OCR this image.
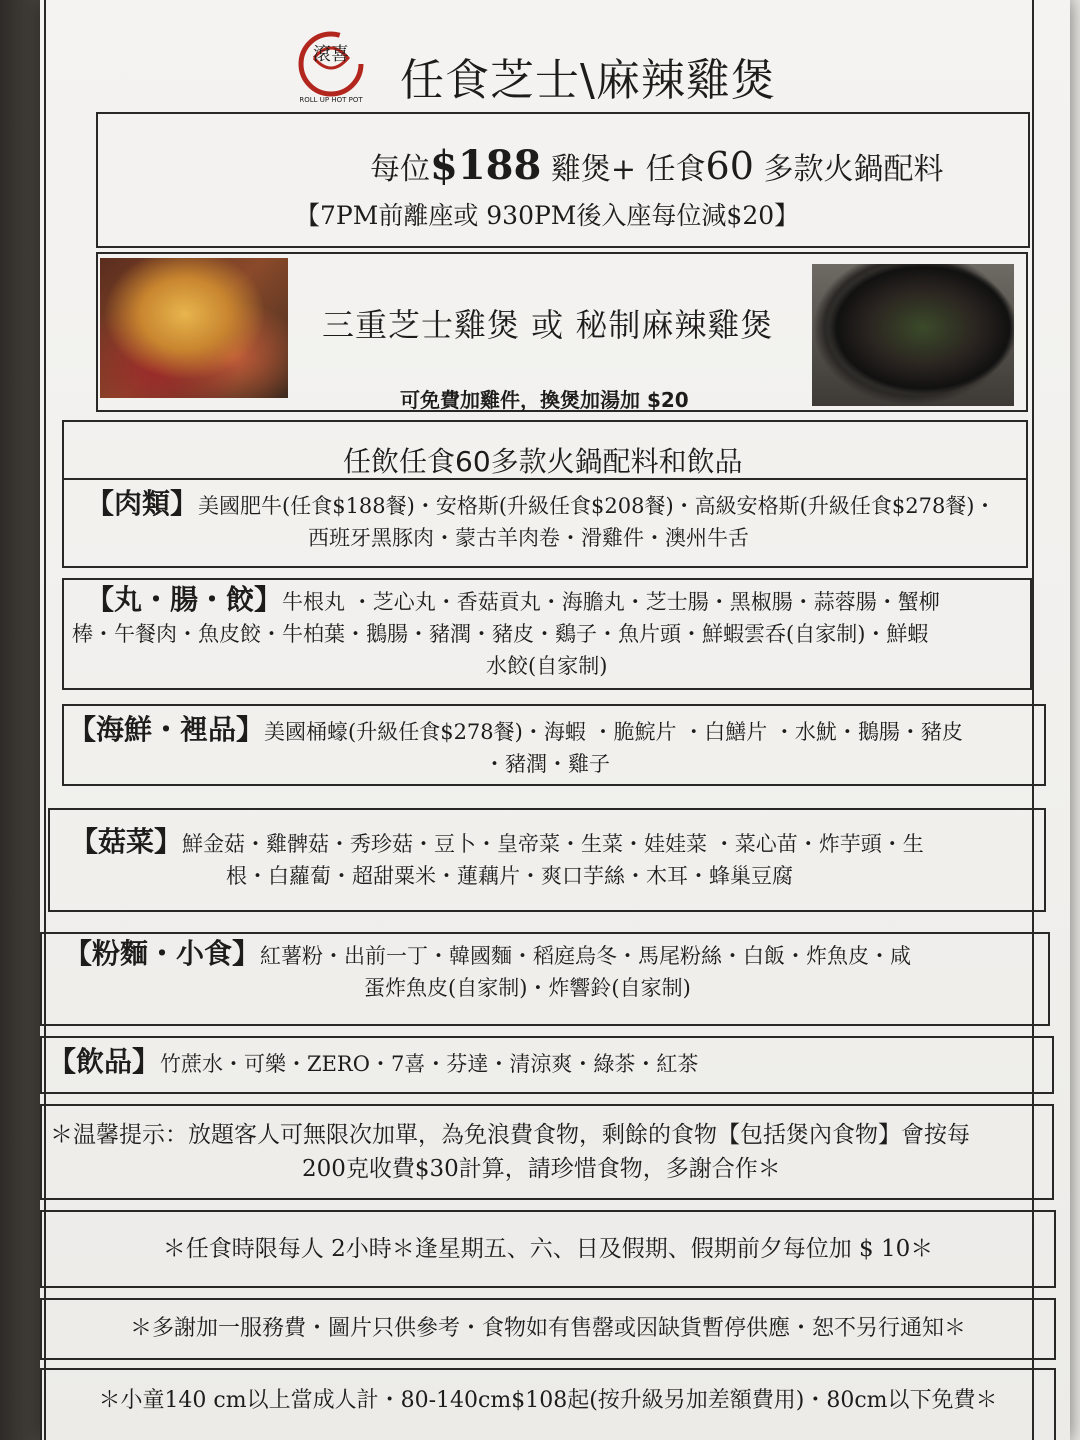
滾喜
ROLL UP HOT POT 任食芝士\麻辣雞煲
每位$188 雞煲+ 任食60 多款火鍋配料
【7PM前離座或 930PM後入座每位減$20】
三重芝士雞煲 或 秘制麻辣雞煲
可免費加雞件，換煲加湯加 $20
任飲任食60多款火鍋配料和飲品
【肉類】美國肥牛(任食$188餐)・安格斯(升級任食$208餐)・高級安格斯(升級任食$278餐)・
西班牙黑豚肉・蒙古羊肉卷・滑雞件・澳州牛舌
【丸・腸・餃】牛根丸 ・芝心丸・香菇貢丸・海膽丸・芝士腸・黑椒腸・蒜蓉腸・蟹柳
棒・午餐肉・魚皮餃・牛柏葉・鵝腸・豬潤・豬皮・鷄子・魚片頭・鮮蝦雲呑(自家制)・鮮蝦
水餃(自家制)
【海鮮・裡品】美國桶蠔(升級任食$278餐)・海蝦 ・脆鯇片 ・白鱔片 ・水魷・鵝腸・豬皮
・豬潤・雞子
【菇菜】鮮金菇・雞髀菇・秀珍菇・豆卜・皇帝菜・生菜・娃娃菜 ・菜心苗・炸芋頭・生
根・白蘿蔔・超甜粟米・蓮藕片・爽口芋絲・木耳・蜂巢豆腐
【粉麵・小食】紅薯粉・出前一丁・韓國麵・稻庭烏冬・馬尾粉絲・白飯・炸魚皮・咸
蛋炸魚皮(自家制)・炸響鈴(自家制)
【飲品】竹蔗水・可樂・ZERO・7喜・芬達・清涼爽・綠茶・紅茶
＊温馨提示：放題客人可無限次加單，為免浪費食物，剩餘的食物【包括煲內食物】會按每
200克收費$30計算，請珍惜食物，多謝合作＊
＊任食時限每人 2小時＊逢星期五、六、日及假期、假期前夕每位加 $ 10＊
＊多謝加一服務費・圖片只供參考・食物如有售罄或因缺貨暫停供應・恕不另行通知＊
＊小童140 cm以上當成人計・80-140cm$108起(按升級另加差額費用)・80cm以下免費＊
